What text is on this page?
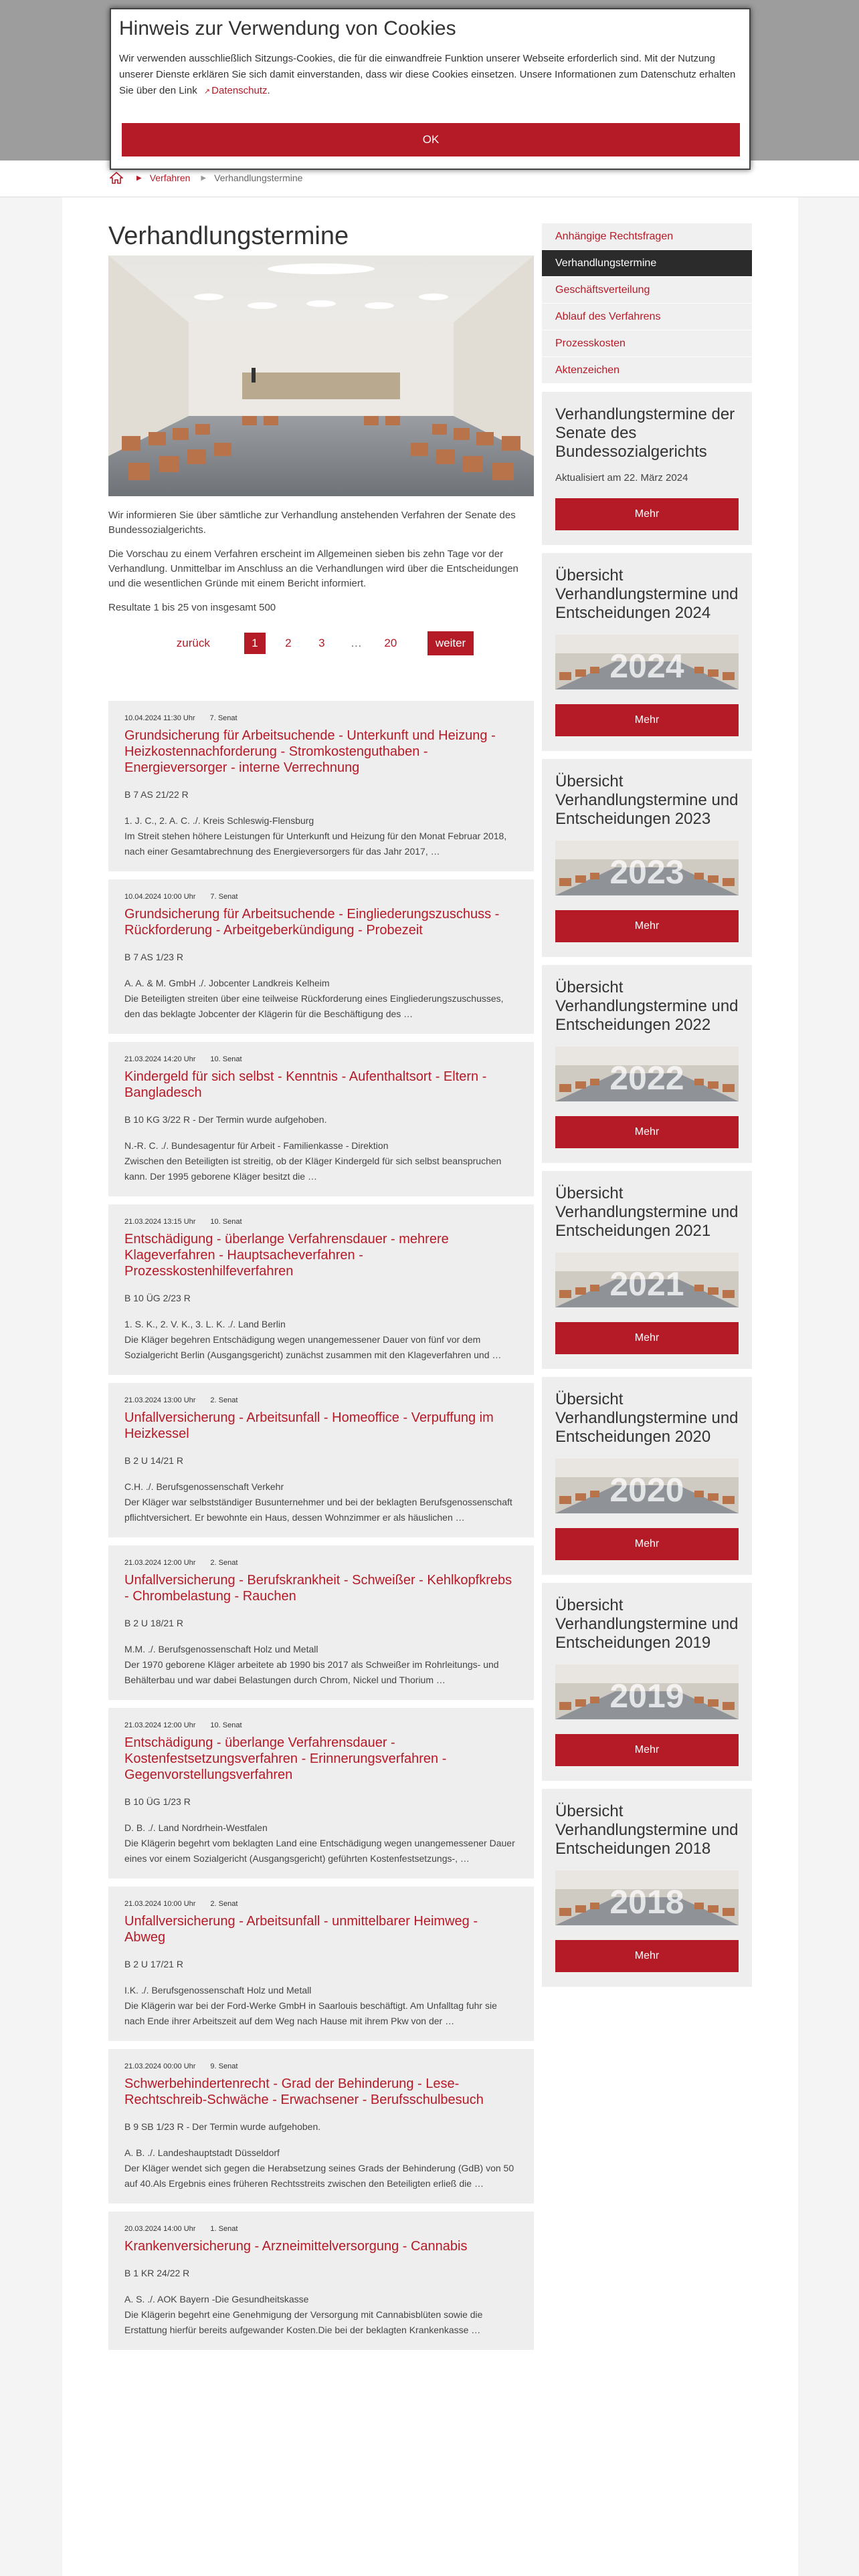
▶ Verfahren ▶ Verhandlungstermine
Verhandlungstermine

Wir informieren Sie über sämtliche zur Verhandlung anstehenden Verfahren der Senate des Bundessozialgerichts.

Die Vorschau zu einem Verfahren erscheint im Allgemeinen sieben bis zehn Tage vor der Verhandlung. Unmittelbar im Anschluss an die Verhandlungen wird über die Entscheidungen und die wesentlichen Gründe mit einem Bericht informiert.

Resultate 1 bis 25 von insgesamt 500
zurück	1	2	3	…	20	weiter
10.04.2024 11:30 Uhr 7. Senat
Grundsicherung für Arbeitsuchende - Unterkunft und Heizung - Heizkostennachforderung - Stromkostenguthaben - Energieversorger - interne Verrechnung
B 7 AS 21/22 R
1. J. C., 2. A. C. ./. Kreis Schleswig-Flensburg
Im Streit stehen höhere Leistungen für Unterkunft und Heizung für den Monat Februar 2018, nach einer Gesamtabrechnung des Energieversorgers für das Jahr 2017, …
10.04.2024 10:00 Uhr 7. Senat
Grundsicherung für Arbeitsuchende - Eingliederungszuschuss - Rückforderung - Arbeitgeberkündigung - Probezeit
B 7 AS 1/23 R
A. A. & M. GmbH ./. Jobcenter Landkreis Kelheim
Die Beteiligten streiten über eine teilweise Rückforderung eines Eingliederungszuschusses, den das beklagte Jobcenter der Klägerin für die Beschäftigung des …
21.03.2024 14:20 Uhr 10. Senat
Kindergeld für sich selbst - Kenntnis - Aufenthaltsort - Eltern - Bangladesch
B 10 KG 3/22 R - Der Termin wurde aufgehoben.
N.-R. C. ./. Bundesagentur für Arbeit - Familienkasse - Direktion
Zwischen den Beteiligten ist streitig, ob der Kläger Kindergeld für sich selbst beanspruchen kann. Der 1995 geborene Kläger besitzt die …
21.03.2024 13:15 Uhr 10. Senat
Entschädigung - überlange Verfahrensdauer - mehrere Klageverfahren - Hauptsacheverfahren - Prozesskostenhilfeverfahren
B 10 ÜG 2/23 R
1. S. K., 2. V. K., 3. L. K. ./. Land Berlin
Die Kläger begehren Entschädigung wegen unangemessener Dauer von fünf vor dem Sozialgericht Berlin (Ausgangsgericht) zunächst zusammen mit den Klageverfahren und …
21.03.2024 13:00 Uhr 2. Senat
Unfallversicherung - Arbeitsunfall - Homeoffice - Verpuffung im Heizkessel
B 2 U 14/21 R
C.H. ./. Berufsgenossenschaft Verkehr
Der Kläger war selbstständiger Busunternehmer und bei der beklagten Berufsgenossenschaft pflichtversichert. Er bewohnte ein Haus, dessen Wohnzimmer er als häuslichen …
21.03.2024 12:00 Uhr 2. Senat
Unfallversicherung - Berufskrankheit - Schweißer - Kehlkopfkrebs - Chrombelastung - Rauchen
B 2 U 18/21 R
M.M. ./. Berufsgenossenschaft Holz und Metall
Der 1970 geborene Kläger arbeitete ab 1990 bis 2017 als Schweißer im Rohrleitungs- und Behälterbau und war dabei Belastungen durch Chrom, Nickel und Thorium …
21.03.2024 12:00 Uhr 10. Senat
Entschädigung - überlange Verfahrensdauer - Kostenfestsetzungsverfahren - Erinnerungsverfahren - Gegenvorstellungsverfahren
B 10 ÜG 1/23 R
D. B. ./. Land Nordrhein-Westfalen
Die Klägerin begehrt vom beklagten Land eine Entschädigung wegen unangemessener Dauer eines vor einem Sozialgericht (Ausgangsgericht) geführten Kostenfestsetzungs-, …
21.03.2024 10:00 Uhr 2. Senat
Unfallversicherung - Arbeitsunfall - unmittelbarer Heimweg - Abweg
B 2 U 17/21 R
I.K. ./. Berufsgenossenschaft Holz und Metall
Die Klägerin war bei der Ford-Werke GmbH in Saarlouis beschäftigt. Am Unfalltag fuhr sie nach Ende ihrer Arbeitszeit auf dem Weg nach Hause mit ihrem Pkw von der …
21.03.2024 00:00 Uhr 9. Senat
Schwerbehindertenrecht - Grad der Behinderung - Lese-Rechtschreib-Schwäche - Erwachsener - Berufsschulbesuch
B 9 SB 1/23 R - Der Termin wurde aufgehoben.
A. B. ./. Landeshauptstadt Düsseldorf
Der Kläger wendet sich gegen die Herabsetzung seines Grads der Behinderung (GdB) von 50 auf 40.Als Ergebnis eines früheren Rechtsstreits zwischen den Beteiligten erließ die …
20.03.2024 14:00 Uhr 1. Senat
Krankenversicherung - Arzneimittelversorgung - Cannabis
B 1 KR 24/22 R
A. S. ./. AOK Bayern -Die Gesundheitskasse
Die Klägerin begehrt eine Genehmigung der Versorgung mit Cannabisblüten sowie die Erstattung hierfür bereits aufgewander Kosten.Die bei der beklagten Krankenkasse …
Anhängige Rechtsfragen
Verhandlungstermine
Geschäftsverteilung
Ablauf des Verfahrens
Prozesskosten
Aktenzeichen
Verhandlungstermine der Senate des Bundessozialgerichts

Aktualisiert am 22. März 2024

Mehr
Übersicht Verhandlungstermine und Entscheidungen 2024
2024
Mehr
Übersicht Verhandlungstermine und Entscheidungen 2023
2023
Mehr
Übersicht Verhandlungstermine und Entscheidungen 2022
2022
Mehr
Übersicht Verhandlungstermine und Entscheidungen 2021
2021
Mehr
Übersicht Verhandlungstermine und Entscheidungen 2020
2020
Mehr
Übersicht Verhandlungstermine und Entscheidungen 2019
2019
Mehr
Übersicht Verhandlungstermine und Entscheidungen 2018
2018
Mehr
Hinweis zur Verwendung von Cookies

Wir verwenden ausschließlich Sitzungs-Cookies, die für die einwandfreie Funktion unserer Webseite erforderlich sind. Mit der Nutzung unserer Dienste erklären Sie sich damit einverstanden, dass wir diese Cookies einsetzen. Unsere Informationen zum Datenschutz erhalten Sie über den Link ↗ Datenschutz.

OK
